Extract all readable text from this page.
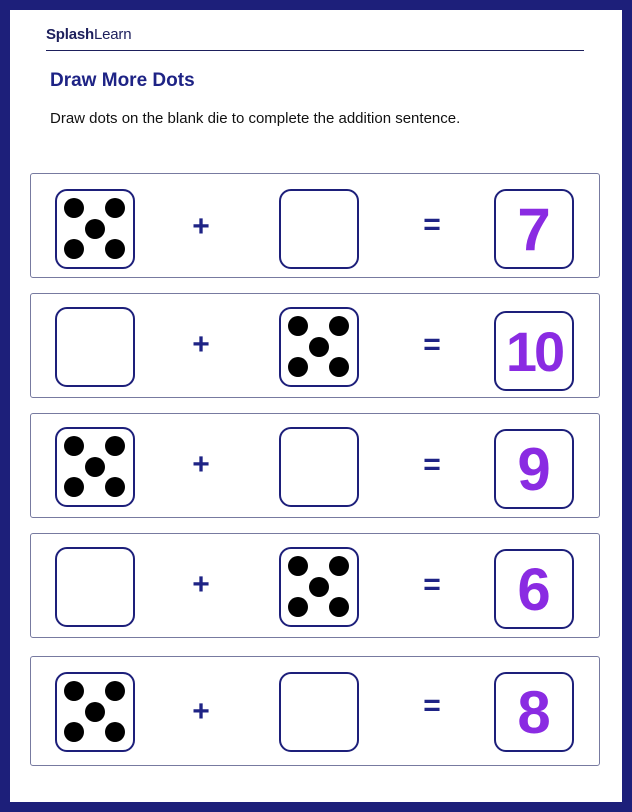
SplashLearn
Draw More Dots
Draw dots on the blank die to complete the addition sentence.
+	=	7
+	= 10
+	=	9
+	=	6
+	=	8
